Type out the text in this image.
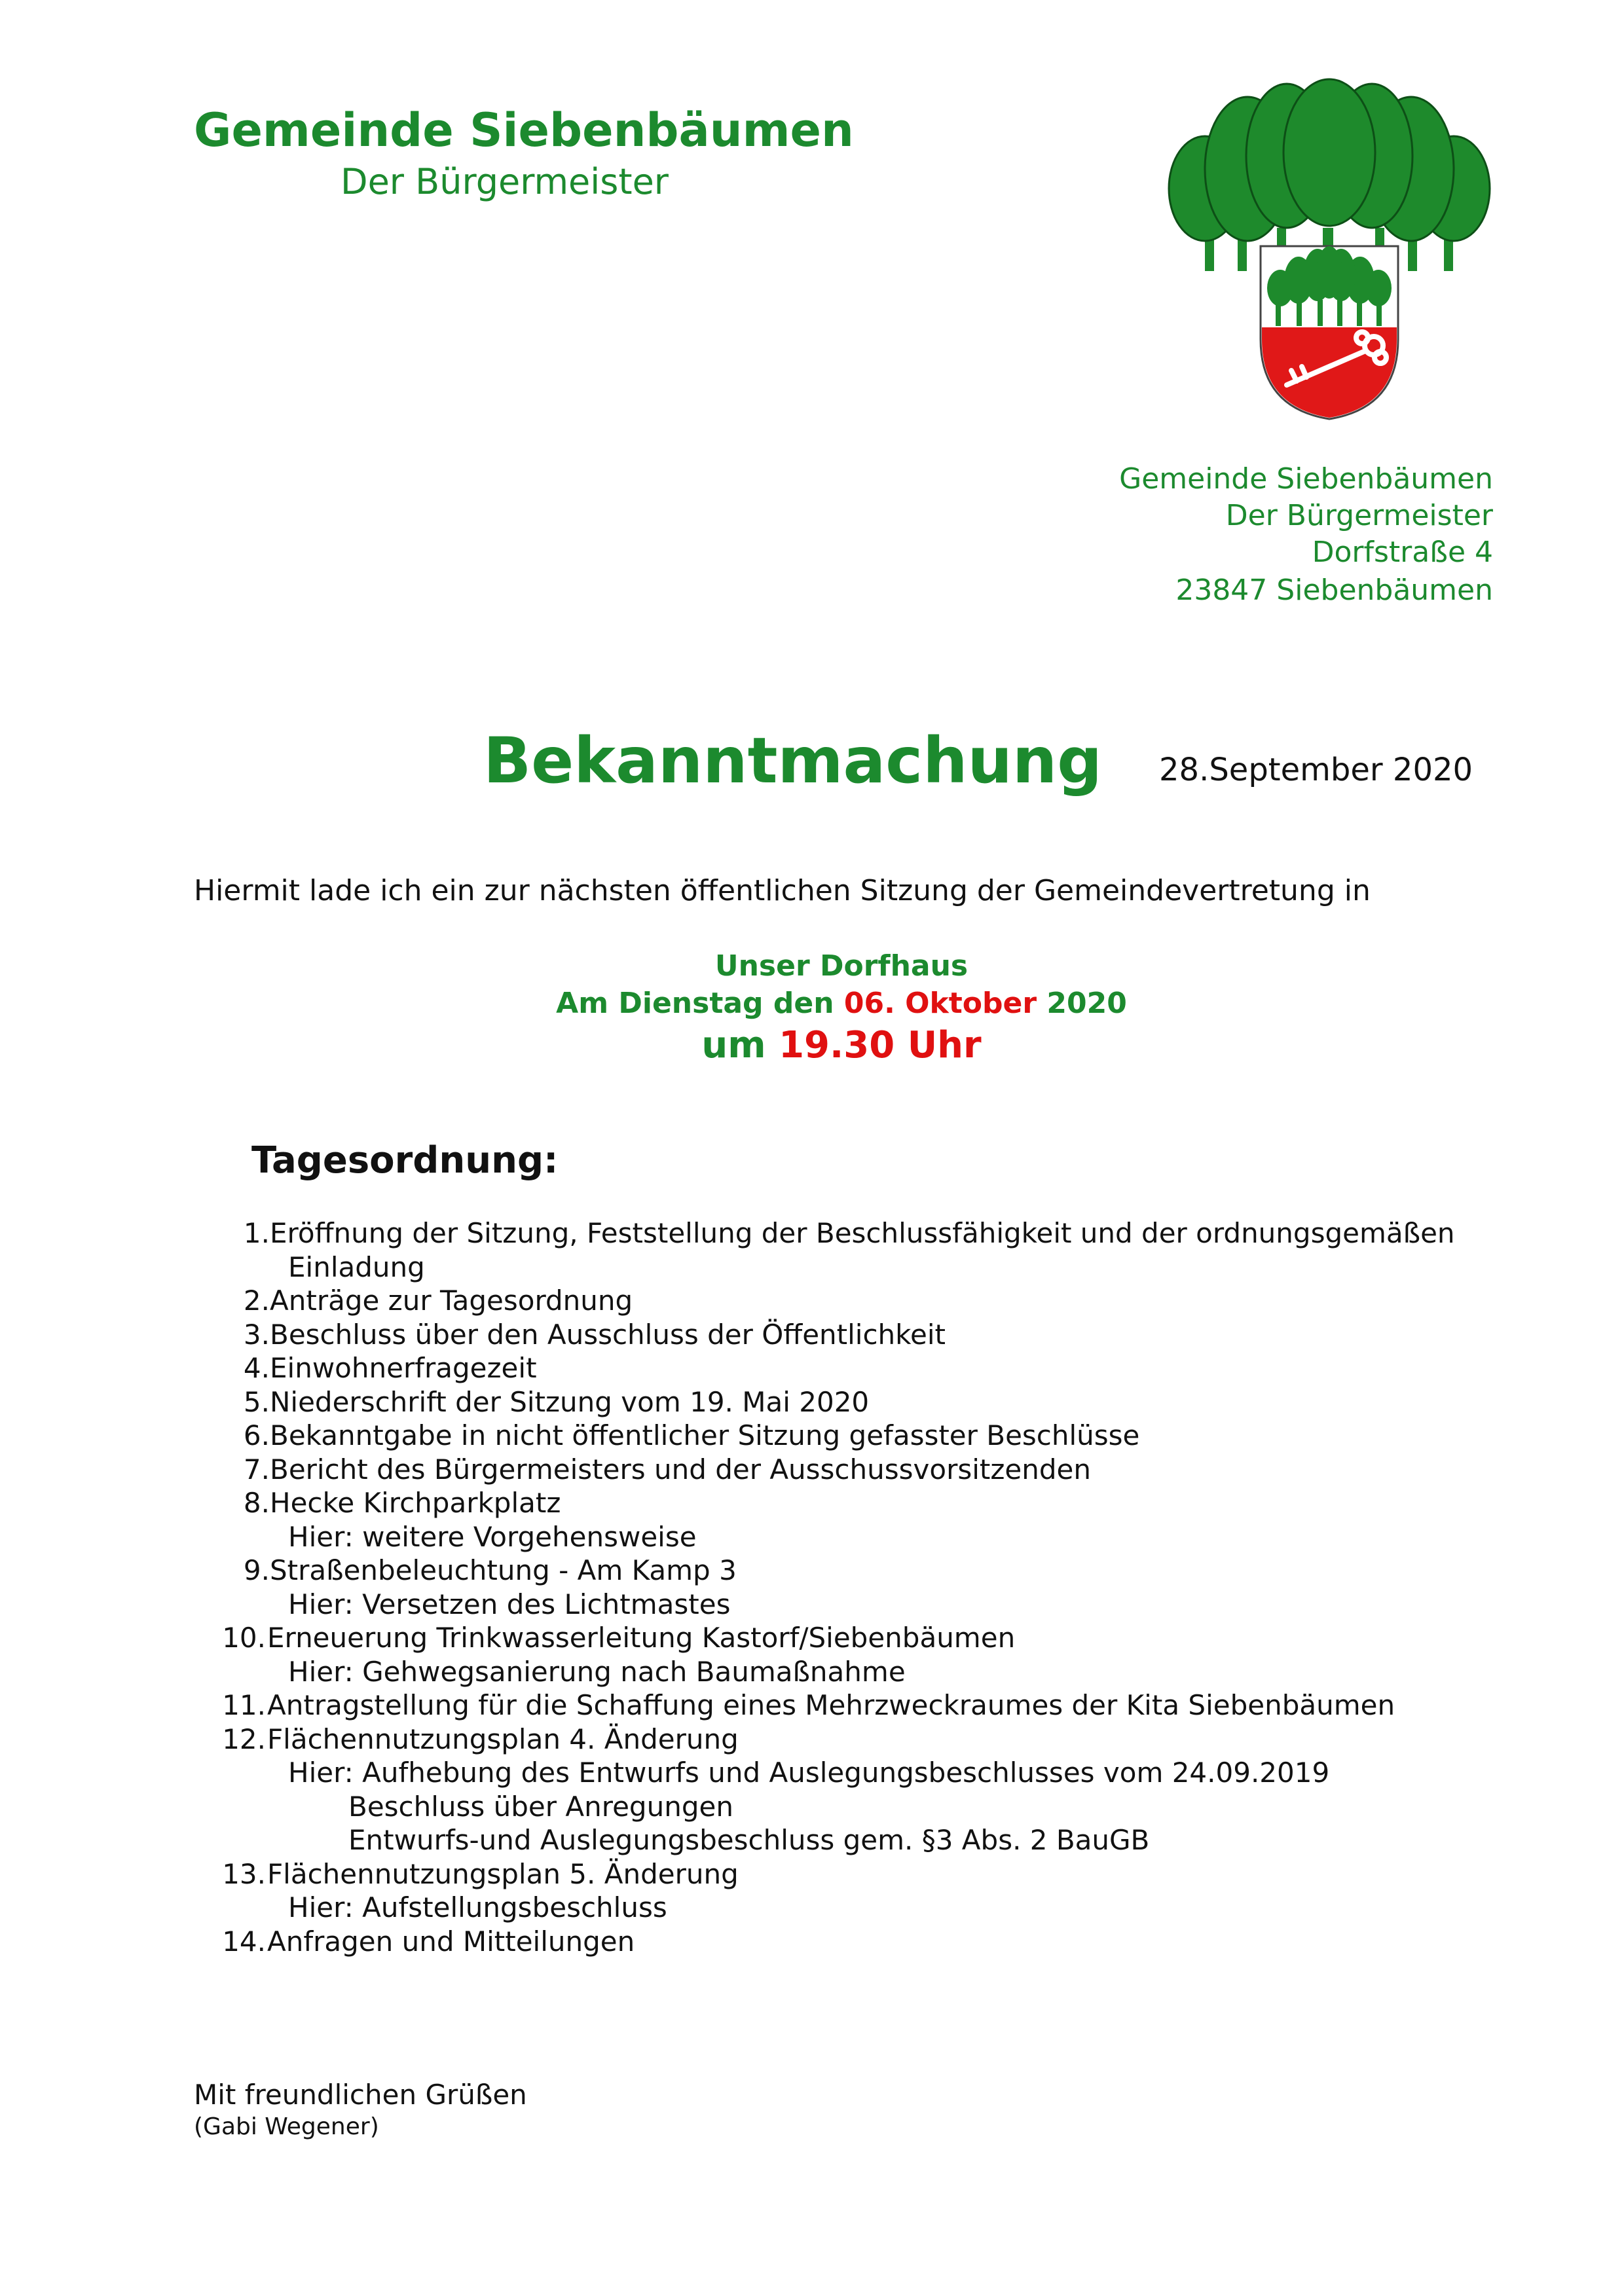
Gemeinde Siebenbäumen
Der Bürgermeister
Gemeinde Siebenbäumen
Der Bürgermeister
Dorfstraße 4
23847 Siebenbäumen
Bekanntmachung 28.September 2020
Hiermit lade ich ein zur nächsten öffentlichen Sitzung der Gemeindevertretung in
Unser Dorfhaus
Am Dienstag den 06. Oktober 2020
um 19.30 Uhr
Tagesordnung:
1. Eröffnung der Sitzung, Feststellung der Beschlussfähigkeit und der ordnungsgemäßen
Einladung
2. Anträge zur Tagesordnung
3. Beschluss über den Ausschluss der Öffentlichkeit
4. Einwohnerfragezeit
5. Niederschrift der Sitzung vom 19. Mai 2020
6. Bekanntgabe in nicht öffentlicher Sitzung gefasster Beschlüsse
7. Bericht des Bürgermeisters und der Ausschussvorsitzenden
8. Hecke Kirchparkplatz
Hier: weitere Vorgehensweise
9. Straßenbeleuchtung - Am Kamp 3
Hier: Versetzen des Lichtmastes
10. Erneuerung Trinkwasserleitung Kastorf/Siebenbäumen
Hier: Gehwegsanierung nach Baumaßnahme
11. Antragstellung für die Schaffung eines Mehrzweckraumes der Kita Siebenbäumen
12. Flächennutzungsplan 4. Änderung
Hier: Aufhebung des Entwurfs und Auslegungsbeschlusses vom 24.09.2019
Beschluss über Anregungen
Entwurfs-und Auslegungsbeschluss gem. §3 Abs. 2 BauGB
13. Flächennutzungsplan 5. Änderung
Hier: Aufstellungsbeschluss
14. Anfragen und Mitteilungen
Mit freundlichen Grüßen
(Gabi Wegener)
